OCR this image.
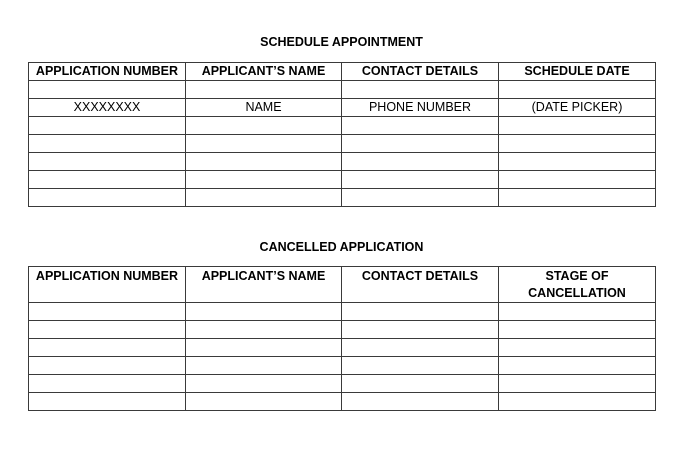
SCHEDULE APPOINTMENT
APPLICATION NUMBER	APPLICANT’S NAME	CONTACT DETAILS	SCHEDULE DATE

XXXXXXXX	NAME	PHONE NUMBER	(DATE PICKER)

CANCELLED APPLICATION
APPLICATION NUMBER	APPLICANT’S NAME	CONTACT DETAILS	STAGE OF CANCELLATION
